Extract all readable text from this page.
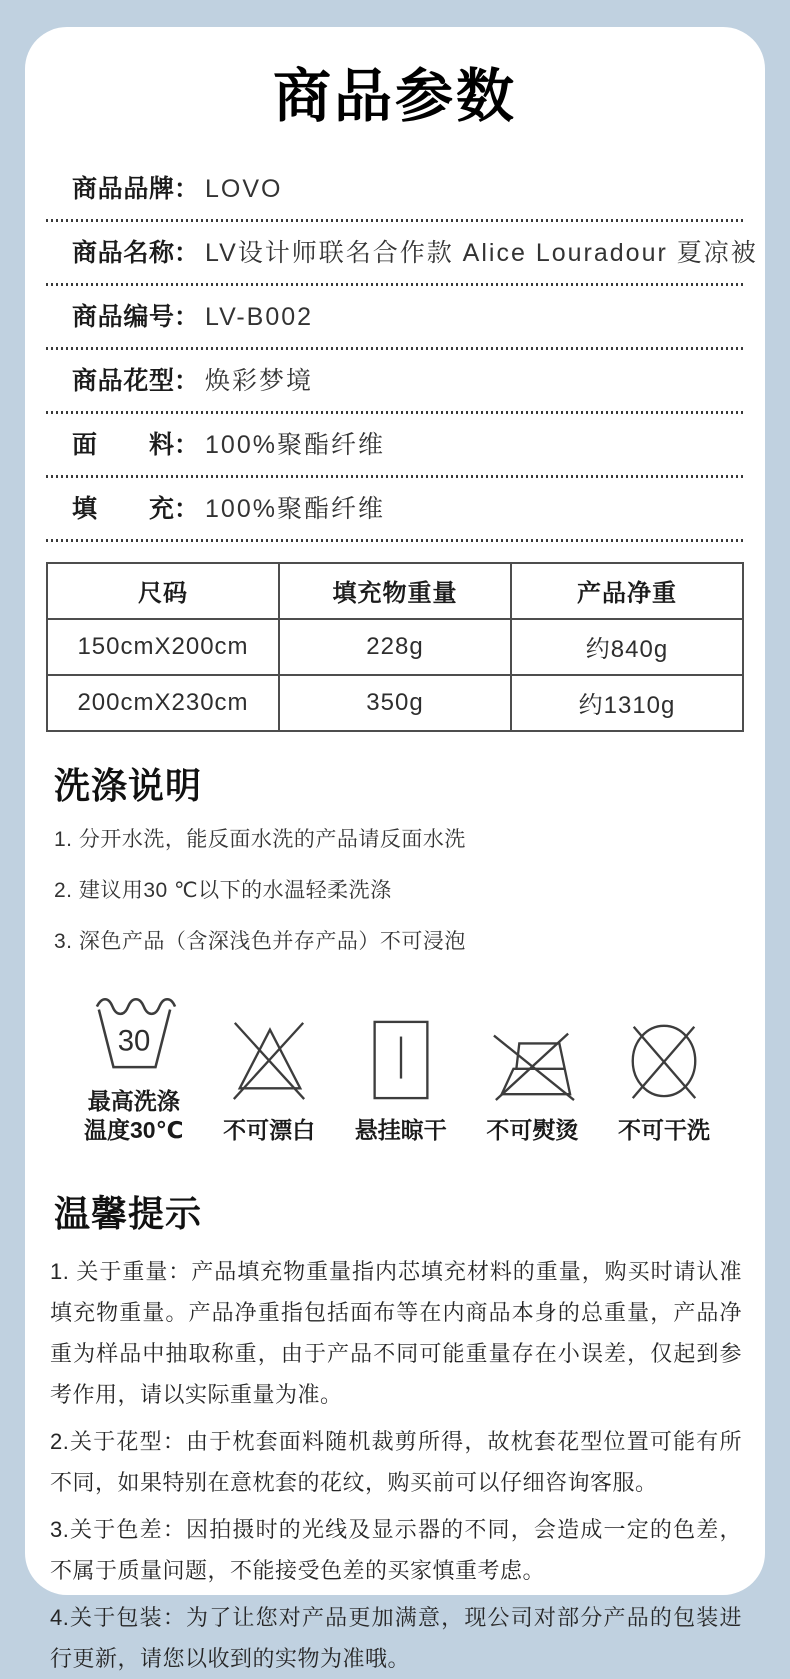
商品参数
商品品牌： LOVO
商品名称： LV设计师联名合作款 Alice Louradour 夏凉被
商品编号： LV-B002
商品花型： 焕彩梦境
面料： 100%聚酯纤维
填充： 100%聚酯纤维
尺码	填充物重量	产品净重
150cmX200cm	228g	约840g
200cmX230cm	350g	约1310g
洗涤说明
1. 分开水洗，能反面水洗的产品请反面水洗
2. 建议用30 ℃以下的水温轻柔洗涤
3. 深色产品（含深浅色并存产品）不可浸泡
30
最高洗涤
温度30℃ 不可漂白 悬挂晾干 不可熨烫 不可干洗
温馨提示
1. 关于重量：产品填充物重量指内芯填充材料的重量，购买时请认准填充物重量。产品净重指包括面布等在内商品本身的总重量，产品净重为样品中抽取称重，由于产品不同可能重量存在小误差，仅起到参考作用，请以实际重量为准。
2.关于花型：由于枕套面料随机裁剪所得，故枕套花型位置可能有所不同，如果特别在意枕套的花纹，购买前可以仔细咨询客服。
3.关于色差：因拍摄时的光线及显示器的不同，会造成一定的色差，不属于质量问题，不能接受色差的买家慎重考虑。
4.关于包装：为了让您对产品更加满意，现公司对部分产品的包装进行更新，请您以收到的实物为准哦。
